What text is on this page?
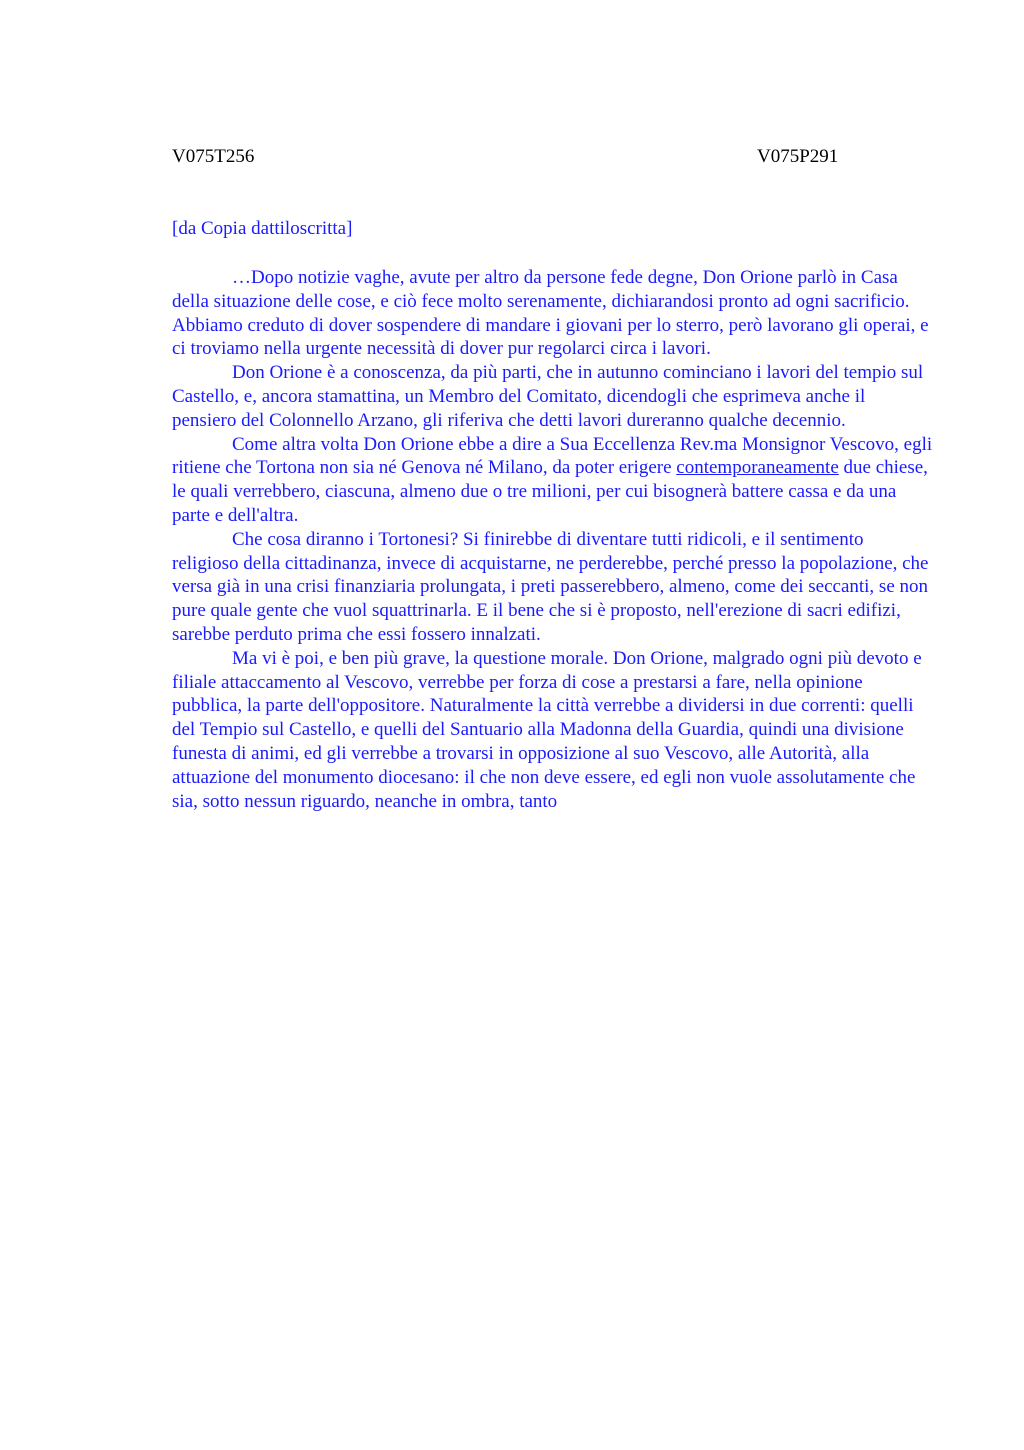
V075T256	V075P291
[da Copia dattiloscritta]

…Dopo notizie vaghe, avute per altro da persone fede degne, Don Orione parlò in Casa della situazione delle cose, e ciò fece molto serenamente, dichiarandosi pronto ad ogni sacrificio. Abbiamo creduto di dover sospendere di mandare i giovani per lo sterro, però lavorano gli operai, e ci troviamo nella urgente necessità di dover pur regolarci circa i lavori.

Don Orione è a conoscenza, da più parti, che in autunno cominciano i lavori del tempio sul Castello, e, ancora stamattina, un Membro del Comitato, dicendogli che esprimeva anche il pensiero del Colonnello Arzano, gli riferiva che detti lavori dureranno qualche decennio.

Come altra volta Don Orione ebbe a dire a Sua Eccellenza Rev.ma Monsignor Vescovo, egli ritiene che Tortona non sia né Genova né Milano, da poter erigere contemporaneamente due chiese, le quali verrebbero, ciascuna, almeno due o tre milioni, per cui bisognerà battere cassa e da una parte e dell'altra.

Che cosa diranno i Tortonesi? Si finirebbe di diventare tutti ridicoli, e il sentimento religioso della cittadinanza, invece di acquistarne, ne perderebbe, perché presso la popolazione, che versa già in una crisi finanziaria prolungata, i preti passerebbero, almeno, come dei seccanti, se non pure quale gente che vuol squattrinarla. E il bene che si è proposto, nell'erezione di sacri edifizi, sarebbe perduto prima che essi fossero innalzati.

Ma vi è poi, e ben più grave, la questione morale. Don Orione, malgrado ogni più devoto e filiale attaccamento al Vescovo, verrebbe per forza di cose a prestarsi a fare, nella opinione pubblica, la parte dell'oppositore. Naturalmente la città verrebbe a dividersi in due correnti: quelli del Tempio sul Castello, e quelli del Santuario alla Madonna della Guardia, quindi una divisione funesta di animi, ed gli verrebbe a trovarsi in opposizione al suo Vescovo, alle Autorità, alla attuazione del monumento diocesano: il che non deve essere, ed egli non vuole assolutamente che sia, sotto nessun riguardo, neanche in ombra, tanto
